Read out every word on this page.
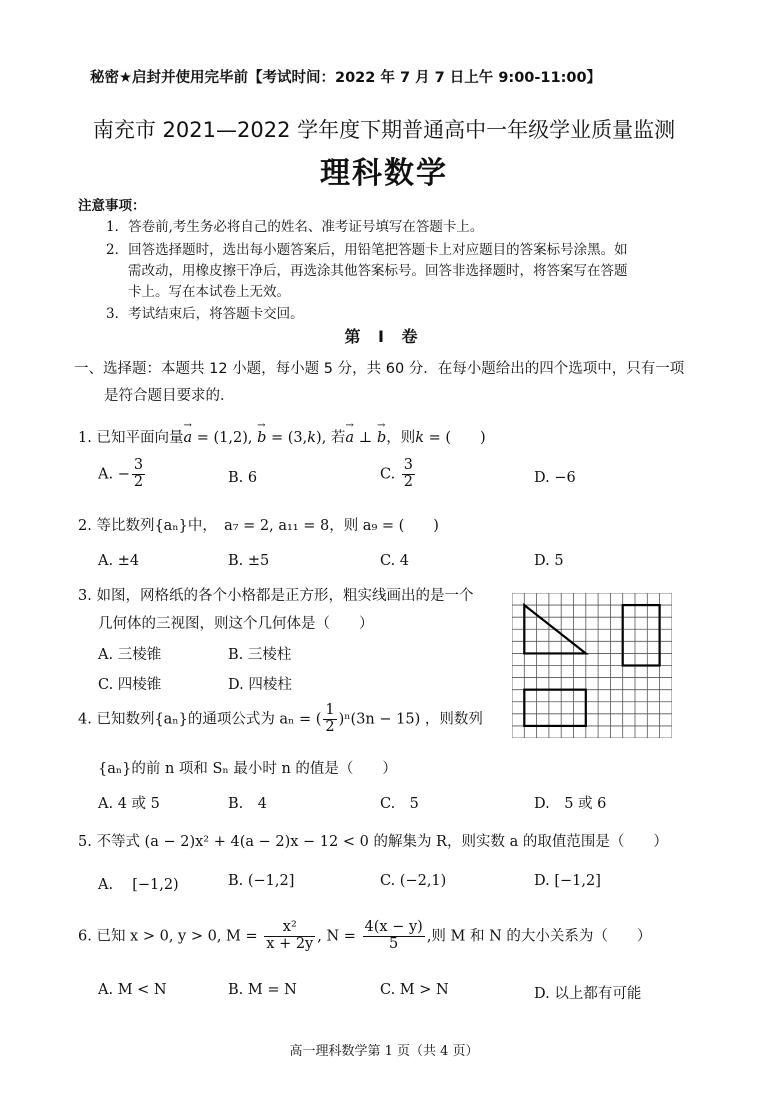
秘密★启封并使用完毕前【考试时间：2022 年 7 月 7 日上午 9:00-11:00】
南充市 2021—2022 学年度下期普通高中一年级学业质量监测
理科数学
注意事项：
1．答卷前,考生务必将自己的姓名、准考证号填写在答题卡上。
2．回答选择题时，选出每小题答案后，用铅笔把答题卡上对应题目的答案标号涂黑。如
需改动，用橡皮擦干净后，再选涂其他答案标号。回答非选择题时，将答案写在答题
卡上。写在本试卷上无效。
3．考试结束后，将答题卡交回。
第 Ⅰ 卷
一、选择题：本题共 12 小题，每小题 5 分，共 60 分．在每小题给出的四个选项中，只有一项
是符合题目要求的．
1. 已知平面向量→ a = (1,2), → b = (3,k), 若→ a ⊥ → b，则k = (　　)
A. − $\frac{3}{2}$	B. 6	C. $\frac{3}{2}$	D. −6
2. 等比数列{aₙ}中，　a₇ = 2, a₁₁ = 8，则 a₉ = (　　)
A. ±4	B. ±5	C. 4	D. 5
3. 如图，网格纸的各个小格都是正方形，粗实线画出的是一个
几何体的三视图，则这个几何体是（　　）
A. 三棱锥	B. 三棱柱
C. 四棱锥	D. 四棱柱
4. 已知数列{aₙ}的通项公式为 aₙ = ( $\frac{1}{2} )^n(3n - 15)$ ，则数列
{aₙ}的前 n 项和 Sₙ 最小时 n 的值是（　　）
A. 4 或 5	B.　4	C.　5	D.　5 或 6
5. 不等式 (a − 2)x² + 4(a − 2)x − 12 < 0 的解集为 R，则实数 a 的取值范围是（　　）
A.　 [−1,2)	B. (−1,2]	C. (−2,1)	D. [−1,2]
6. 已知 x > 0, y > 0, $M = \frac{\text{x²}}{x + 2y}$ , $N = \frac{4(x - y)}{5}$ ,则 M 和 N 的大小关系为（　　）
A. M < N	B. M = N	C. M > N	D. 以上都有可能
高一理科数学第 1 页（共 4 页）
